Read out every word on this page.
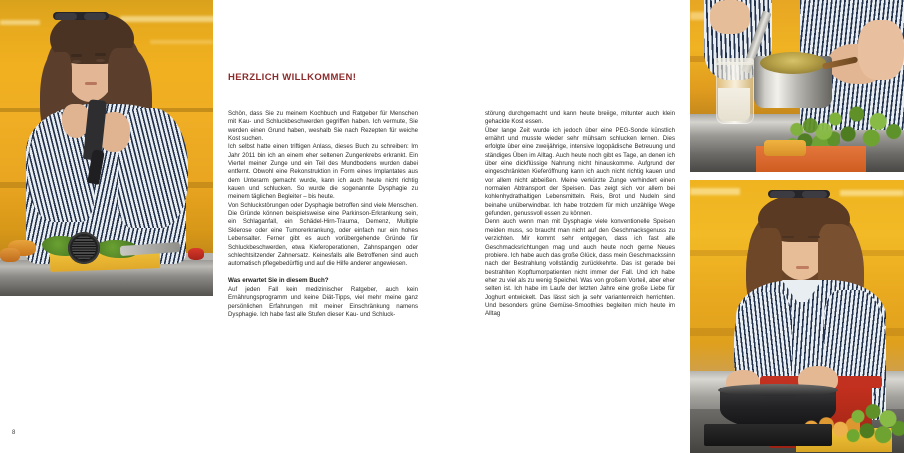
HERZLICH WILLKOMMEN!

Schön, dass Sie zu meinem Kochbuch und Ratgeber für Menschen mit Kau- und Schluckbeschwerden gegriffen haben. Ich vermute, Sie werden einen Grund haben, weshalb Sie nach Rezepten für weiche Kost suchen.

Ich selbst hatte einen triftigen Anlass, dieses Buch zu schreiben: Im Jahr 2011 bin ich an einem eher seltenen Zungenkrebs erkrankt. Ein Viertel meiner Zunge und ein Teil des Mundbodens wurden dabei entfernt. Obwohl eine Rekonstruktion in Form eines Implantates aus dem Unterarm gemacht wurde, kann ich auch heute nicht richtig kauen und schlucken. So wurde die sogenannte Dysphagie zu meinem täglichen Begleiter – bis heute.

Von Schluckstörungen oder Dysphagie betroffen sind viele Menschen. Die Gründe können beispielsweise eine Parkinson-Erkrankung sein, ein Schlaganfall, ein Schädel-Hirn-Trauma, Demenz, Multiple Sklerose oder eine Tumorerkrankung, oder einfach nur ein hohes Lebensalter. Ferner gibt es auch vorübergehende Gründe für Schluckbeschwerden, etwa Kieferoperationen, Zahnspangen oder schlechtsitzender Zahnersatz. Keinesfalls alle Betroffenen sind auch automatisch pflegebedürftig und auf die Hilfe anderer angewiesen.

Was erwartet Sie in diesem Buch?

Auf jeden Fall kein medizinischer Ratgeber, auch kein Ernährungsprogramm und keine Diät-Tipps, viel mehr meine ganz persönlichen Erfahrungen mit meiner Einschränkung namens Dysphagie. Ich habe fast alle Stufen dieser Kau- und Schluck-

störung durchgemacht und kann heute breiige, mitunter auch klein gehackte Kost essen.

Über lange Zeit wurde ich jedoch über eine PEG-Sonde künstlich ernährt und musste wieder sehr mühsam schlucken lernen. Dies erfolgte über eine zweijährige, intensive logopädische Betreuung und ständiges Üben im Alltag. Auch heute noch gibt es Tage, an denen ich über eine dickflüssige Nahrung nicht hinauskomme. Aufgrund der eingeschränkten Kieferöffnung kann ich auch nicht richtig kauen und vor allem nicht abbeißen. Meine verkürzte Zunge verhindert einen normalen Abtransport der Speisen. Das zeigt sich vor allem bei kohlenhydrathaltigen Lebensmitteln. Reis, Brot und Nudeln sind beinahe unüberwindbar. Ich habe trotzdem für mich unzählige Wege gefunden, genussvoll essen zu können.

Denn auch wenn man mit Dysphagie viele konventionelle Speisen meiden muss, so braucht man nicht auf den Geschmacksgenuss zu verzichten. Mir kommt sehr entgegen, dass ich fast alle Geschmacksrichtungen mag und auch heute noch gerne Neues probiere. Ich habe auch das große Glück, dass mein Geschmackssinn nach der Bestrahlung vollständig zurückkehrte. Das ist gerade bei bestrahlten Kopftumorpatienten nicht immer der Fall. Und ich habe eher zu viel als zu wenig Speichel. Was von großem Vorteil, aber eher selten ist. Ich habe im Laufe der letzten Jahre eine große Liebe für Joghurt entwickelt. Das lässt sich ja sehr variantenreich herrichten. Und besonders grüne Gemüse-Smoothies begleiten mich heute im Alltag

8
